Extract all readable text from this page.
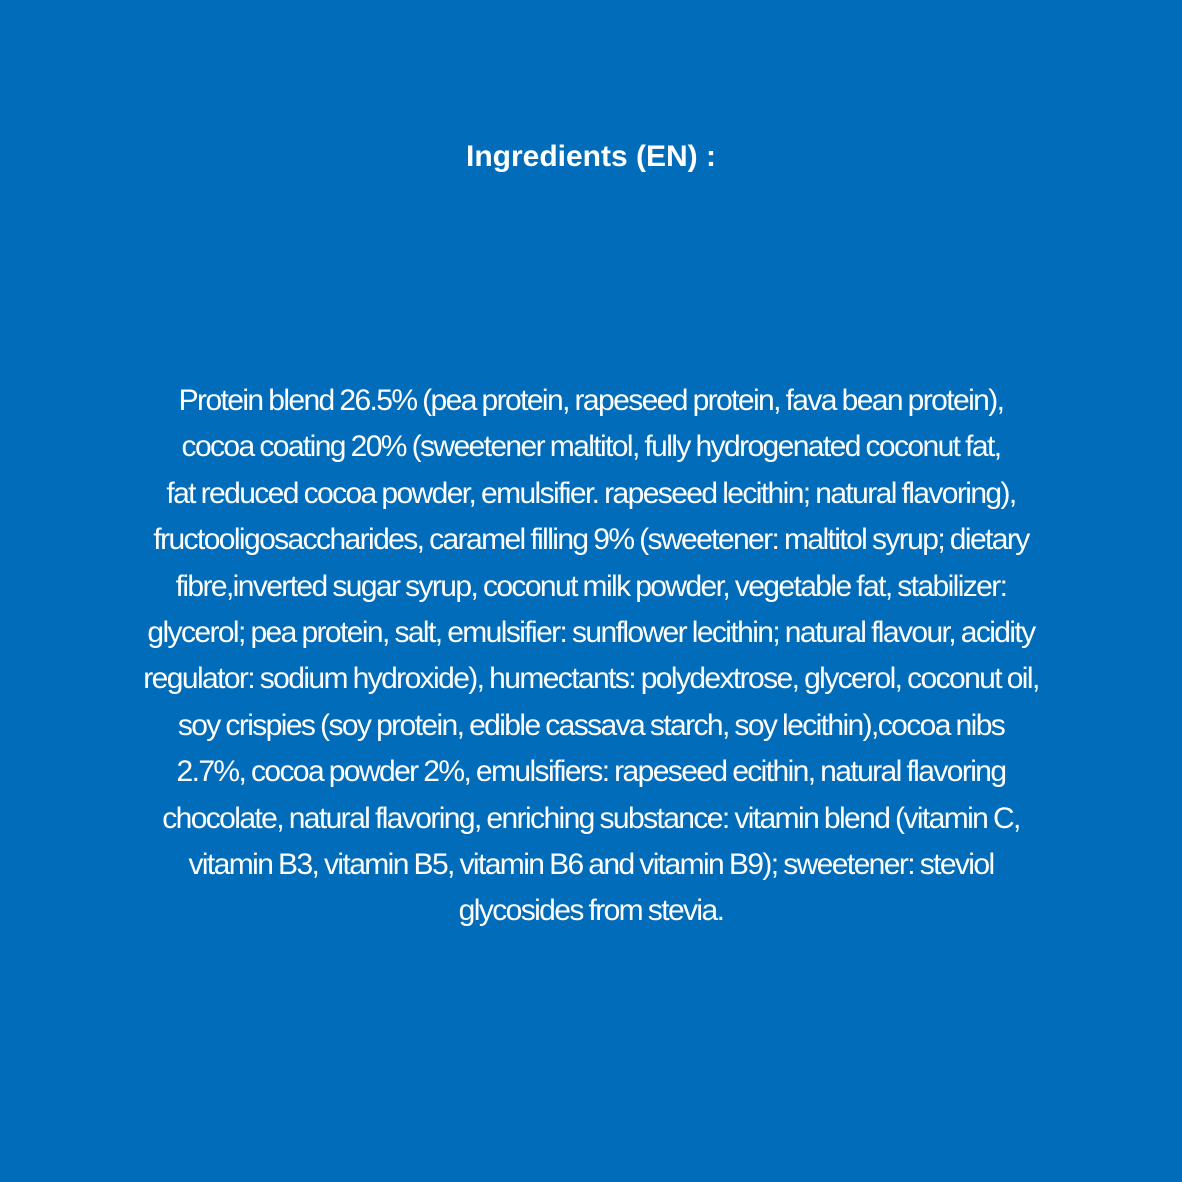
Ingredients (EN) :
Protein blend 26.5% (pea protein, rapeseed protein, fava bean protein),
cocoa coating 20% (sweetener maltitol, fully hydrogenated coconut fat,
fat reduced cocoa powder, emulsifier. rapeseed lecithin; natural flavoring),
fructooligosaccharides, caramel filling 9% (sweetener: maltitol syrup; dietary
fibre,inverted sugar syrup, coconut milk powder, vegetable fat, stabilizer:
glycerol; pea protein, salt, emulsifier: sunflower lecithin; natural flavour, acidity
regulator: sodium hydroxide), humectants: polydextrose, glycerol, coconut oil,
soy crispies (soy protein, edible cassava starch, soy lecithin),cocoa nibs
2.7%, cocoa powder 2%, emulsifiers: rapeseed ecithin, natural flavoring
chocolate, natural flavoring, enriching substance: vitamin blend (vitamin C,
vitamin B3, vitamin B5, vitamin B6 and vitamin B9); sweetener: steviol
glycosides from stevia.
